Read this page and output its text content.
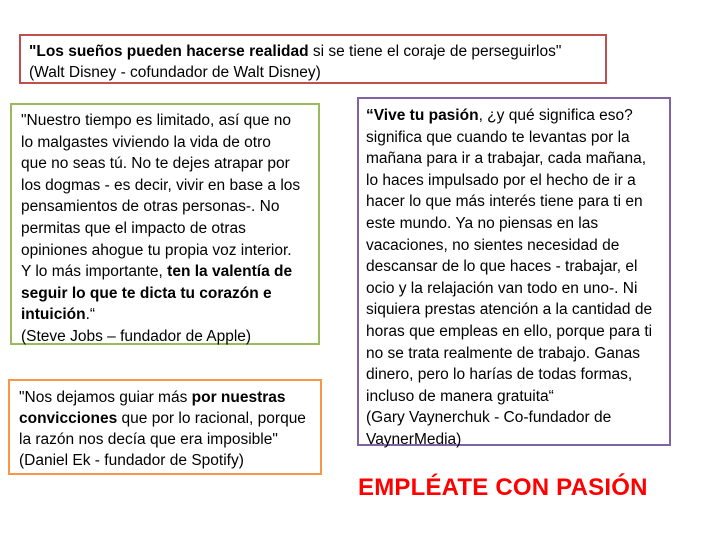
"Los sueños pueden hacerse realidad si se tiene el coraje de perseguirlos"
(Walt Disney - cofundador de Walt Disney)
"Nuestro tiempo es limitado, así que no
lo malgastes viviendo la vida de otro
que no seas tú. No te dejes atrapar por
los dogmas - es decir, vivir en base a los
pensamientos de otras personas-. No
permitas que el impacto de otras
opiniones ahogue tu propia voz interior.
Y lo más importante, ten la valentía de
seguir lo que te dicta tu corazón e
intuición.“
(Steve Jobs – fundador de Apple)
“Vive tu pasión, ¿y qué significa eso?
significa que cuando te levantas por la
mañana para ir a trabajar, cada mañana,
lo haces impulsado por el hecho de ir a
hacer lo que más interés tiene para ti en
este mundo. Ya no piensas en las
vacaciones, no sientes necesidad de
descansar de lo que haces - trabajar, el
ocio y la relajación van todo en uno-. Ni
siquiera prestas atención a la cantidad de
horas que empleas en ello, porque para ti
no se trata realmente de trabajo. Ganas
dinero, pero lo harías de todas formas,
incluso de manera gratuita“
(Gary Vaynerchuk - Co-fundador de
VaynerMedia)
"Nos dejamos guiar más por nuestras
convicciones que por lo racional, porque
la razón nos decía que era imposible"
(Daniel Ek - fundador de Spotify)
EMPLÉATE CON PASIÓN
